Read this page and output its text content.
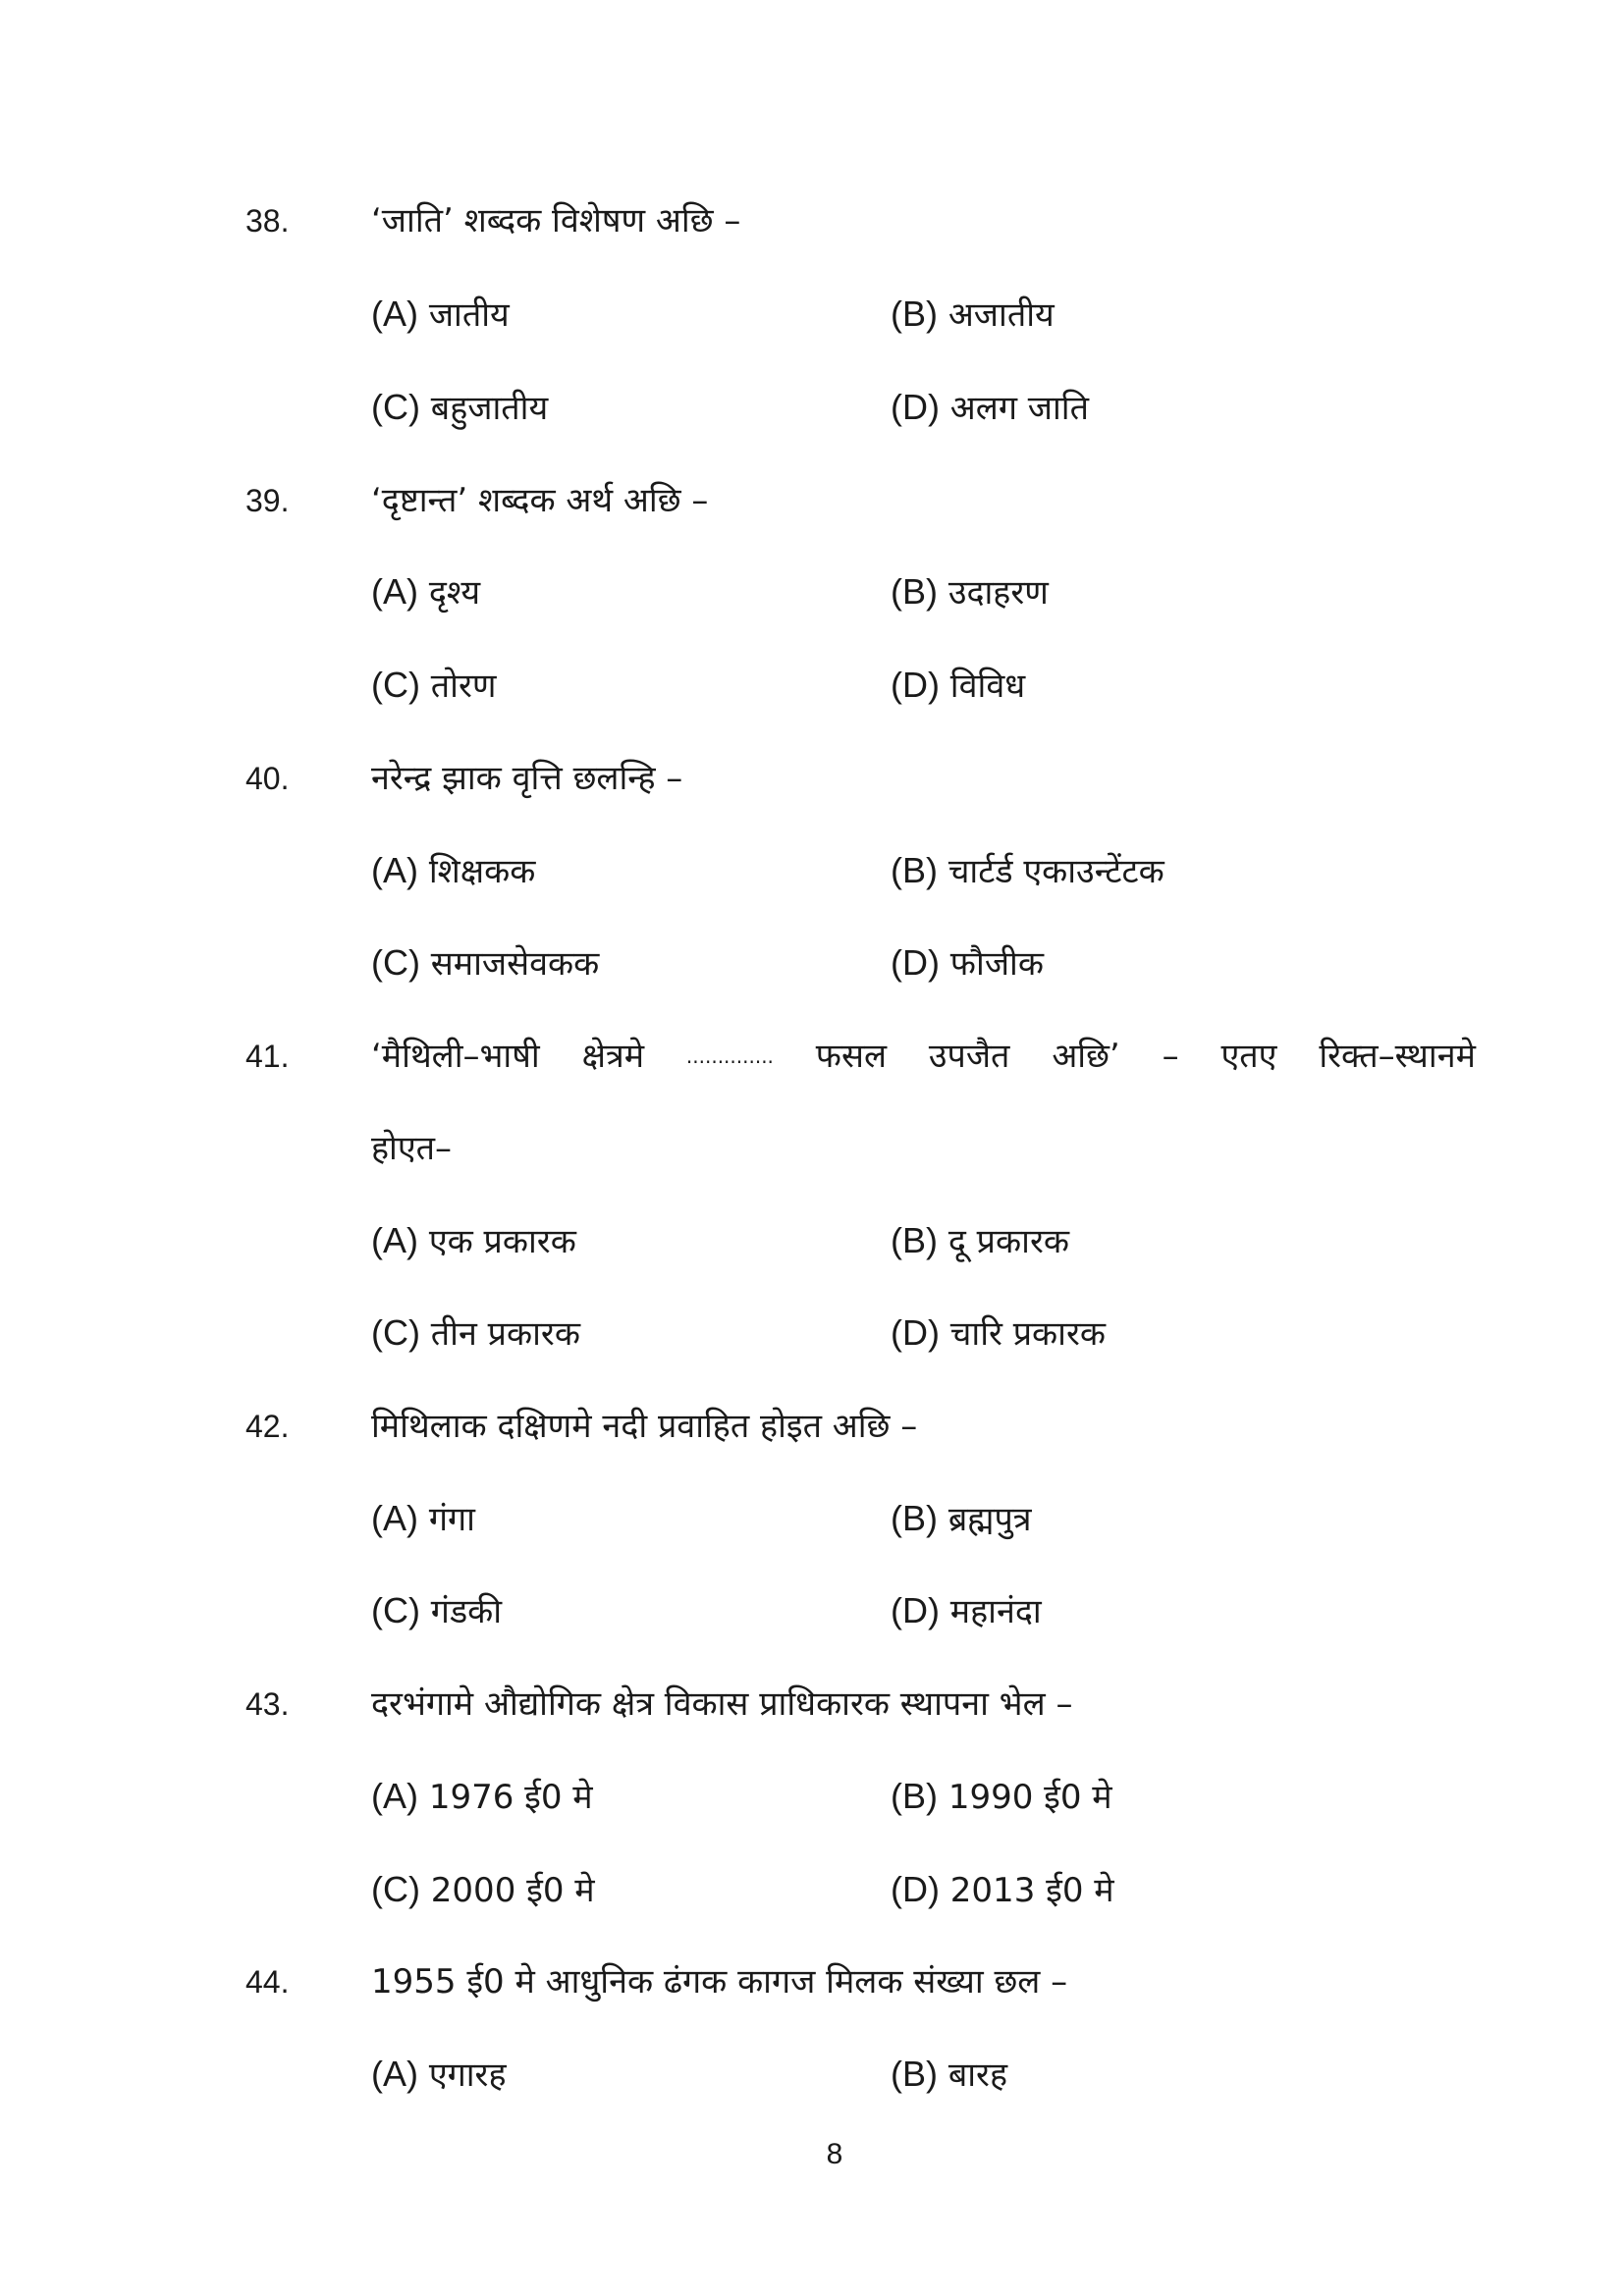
38. ‘जाति’ शब्दक विशेषण अछि –
(A) जातीय	(B) अजातीय
(C) बहुजातीय	(D) अलग जाति
39. ‘दृष्टान्त’ शब्दक अर्थ अछि –
(A) दृश्य	(B) उदाहरण
(C) तोरण	(D) विविध
40. नरेन्द्र झाक वृत्ति छलन्हि –
(A) शिक्षकक	(B) चार्टर्ड एकाउन्टेंटक
(C) समाजसेवकक	(D) फौजीक
41. ‘मैथिली–भाषी क्षेत्रमे .............. फसल उपजैत अछि’ – एतए रिक्त–स्थानमे
होएत–
(A) एक प्रकारक	(B) दू प्रकारक
(C) तीन प्रकारक	(D) चारि प्रकारक
42. मिथिलाक दक्षिणमे नदी प्रवाहित होइत अछि –
(A) गंगा	(B) ब्रह्मपुत्र
(C) गंडकी	(D) महानंदा
43. दरभंगामे औद्योगिक क्षेत्र विकास प्राधिकारक स्थापना भेल –
(A) 1976 ई0 मे	(B) 1990 ई0 मे
(C) 2000 ई0 मे	(D) 2013 ई0 मे
44. 1955 ई0 मे आधुनिक ढंगक कागज मिलक संख्या छल –
(A) एगारह	(B) बारह
8
